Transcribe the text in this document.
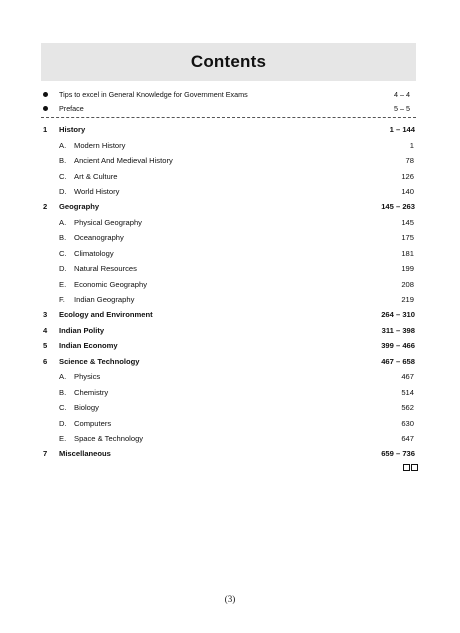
Contents
Tips to excel in General Knowledge for Government Exams	4 – 4
Preface	5 – 5
1	History	1 – 144
A.	Modern History	1
B.	Ancient And Medieval History	78
C. Art & Culture	126
D. World History	140
2	Geography	145 – 263
A.	Physical Geography	145
B.	Oceanography	175
C. Climatology	181
D. Natural Resources	199
E.	Economic Geography	208
F.	Indian Geography	219
3	Ecology and Environment	264 – 310
4	Indian Polity	311 – 398
5	Indian Economy	399 – 466
6	Science & Technology	467 – 658
A.	Physics	467
B.	Chemistry	514
C. Biology	562
D. Computers	630
E.	Space & Technology	647
7	Miscellaneous	659 – 736
(3)
